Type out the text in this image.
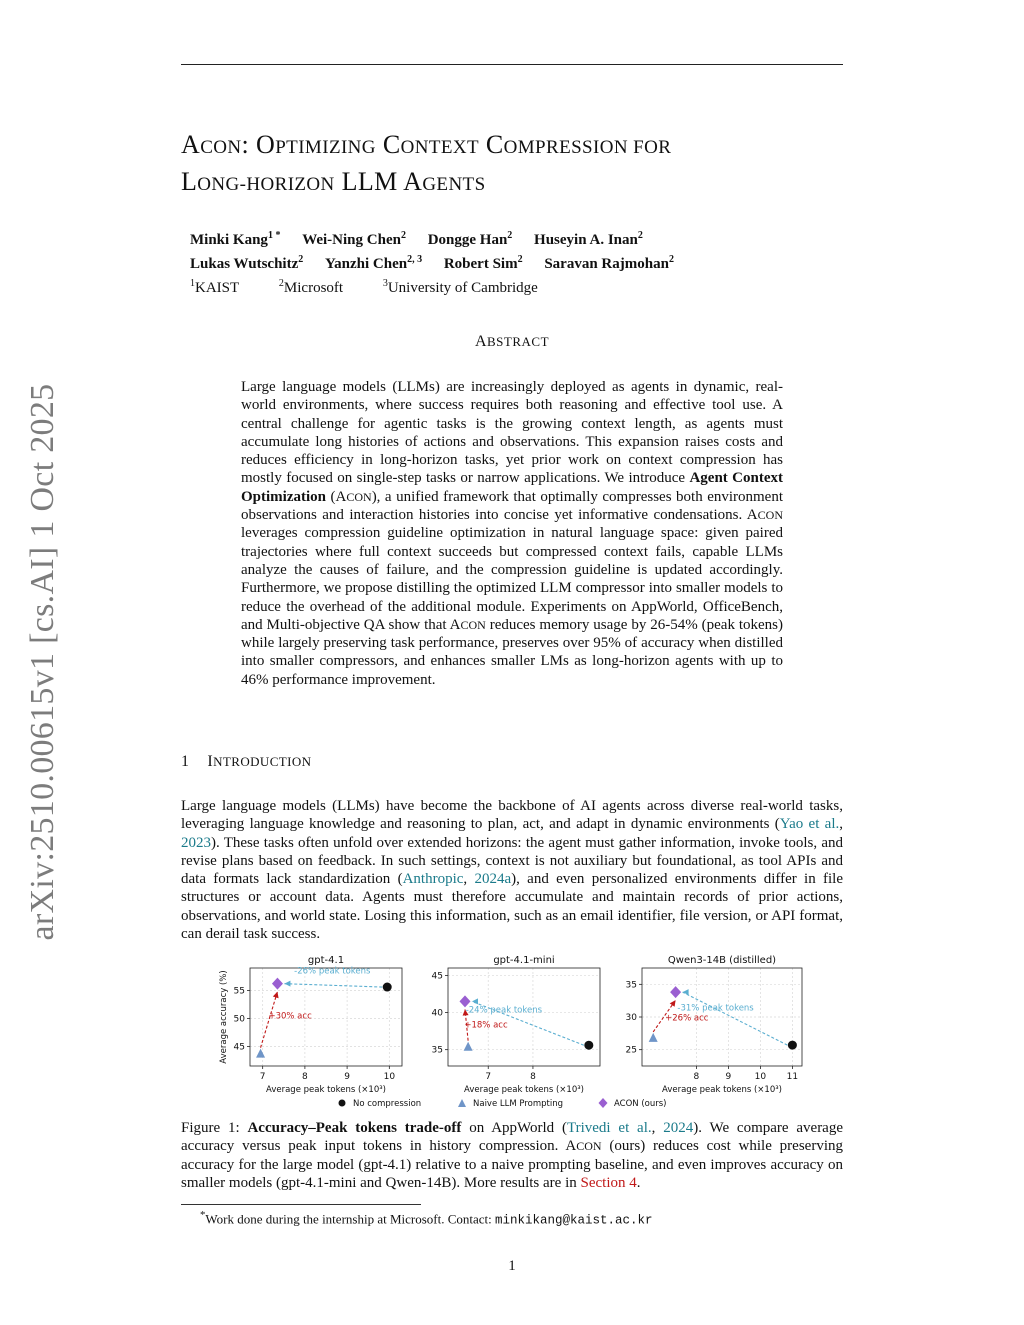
arXiv:2510.00615v1 [cs.AI] 1 Oct 2025
ACON: OPTIMIZING CONTEXT COMPRESSION FOR
LONG-HORIZON LLM AGENTS
Minki Kang$^{1 *}$ Wei-Ning Chen$^2$ Dongge Han$^2$ Huseyin A. Inan$^2$
Lukas Wutschitz$^2$ Yanzhi Chen$^{2, 3}$ Robert Sim$^2$ Saravan Rajmohan$^2$
$^1$KAIST	$^2$Microsoft	$^3$University of Cambridge
ABSTRACT
Large language models (LLMs) are increasingly deployed as agents in dynamic, real-world environments, where success requires both reasoning and effective tool use. A central challenge for agentic tasks is the growing context length, as agents must accumulate long histories of actions and observations. This expansion raises costs and reduces efficiency in long-horizon tasks, yet prior work on context compression has mostly focused on single-step tasks or narrow applications. We introduce Agent Context Optimization (ACON), a unified framework that optimally compresses both environment observations and interaction histories into concise yet informative condensations. ACON leverages compression guideline optimization in natural language space: given paired trajectories where full context succeeds but compressed context fails, capable LLMs analyze the causes of failure, and the compression guideline is updated accordingly. Furthermore, we propose distilling the optimized LLM compressor into smaller models to reduce the overhead of the additional module. Experiments on AppWorld, OfficeBench, and Multi-objective QA show that ACON reduces memory usage by 26-54% (peak tokens) while largely preserving task performance, preserves over 95% of accuracy when distilled into smaller compressors, and enhances smaller LMs as long-horizon agents with up to 46% performance improvement.
1 INTRODUCTION
Large language models (LLMs) have become the backbone of AI agents across diverse real-world tasks, leveraging language knowledge and reasoning to plan, act, and adapt in dynamic environments (Yao et al., 2023). These tasks often unfold over extended horizons: the agent must gather information, invoke tools, and revise plans based on feedback. In such settings, context is not auxiliary but foundational, as tool APIs and data formats lack standardization (Anthropic, 2024a), and even personalized environments differ in file structures or account data. Agents must therefore accumulate and maintain records of prior actions, observations, and world state. Losing this information, such as an email identifier, file version, or API format, can derail task success.
7	8	9	10
45
50
55
gpt-4.1
Average peak tokens (×10³)
Average accuracy (%)	-26% peak tokens
+30% acc
7	8
35
40
45
gpt-4.1-mini
Average peak tokens (×10³)
-24% peak tokens
+18% acc
8	9	10 11
25
30
35
Qwen3-14B (distilled)
Average peak tokens (×10³)
-31% peak tokens
+26% acc
No compression	Naive LLM Prompting	ACON (ours)
Figure 1: Accuracy–Peak tokens trade-off on AppWorld (Trivedi et al., 2024). We compare average accuracy versus peak input tokens in history compression. ACON (ours) reduces cost while preserving accuracy for the large model (gpt-4.1) relative to a naive prompting baseline, and even improves accuracy on smaller models (gpt-4.1-mini and Qwen-14B). More results are in Section 4.
*Work done during the internship at Microsoft. Contact: minkikang@kaist.ac.kr
1
